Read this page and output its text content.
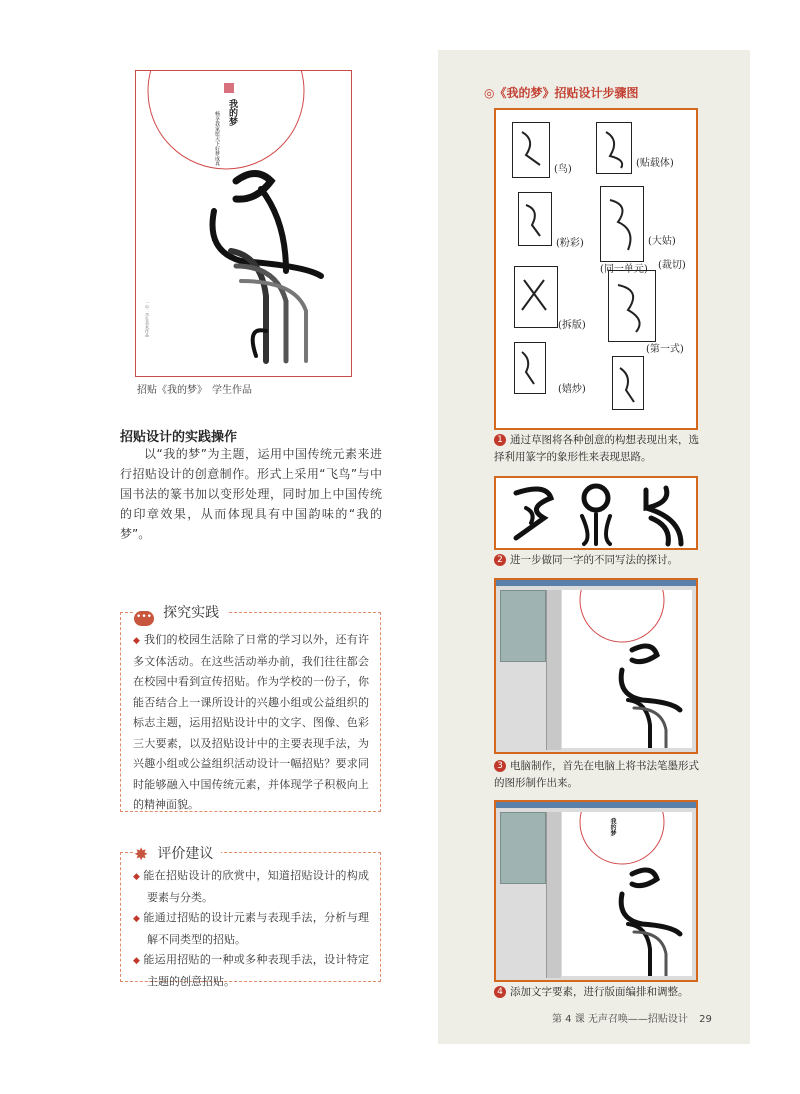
我的梦
畅享我家愿天下好梦成真
一中：学生美术作品
招贴《我的梦》　学生作品
招贴设计的实践操作
以“我的梦”为主题，运用中国传统元素来进行招贴设计的创意制作。形式上采用“飞鸟”与中国书法的篆书加以变形处理，同时加上中国传统的印章效果，从而体现具有中国韵味的“我的梦”。
••• 探究实践
◆ 我们的校园生活除了日常的学习以外，还有许多文体活动。在这些活动举办前，我们往往都会在校园中看到宣传招贴。作为学校的一份子，你能否结合上一课所设计的兴趣小组或公益组织的标志主题，运用招贴设计中的文字、图像、色彩三大要素，以及招贴设计中的主要表现手法，为兴趣小组或公益组织活动设计一幅招贴？要求同时能够融入中国传统元素，并体现学子积极向上的精神面貌。
✸ 评价建议
◆ 能在招贴设计的欣赏中，知道招贴设计的构成要素与分类。
◆ 能通过招贴的设计元素与表现手法，分析与理解不同类型的招贴。
◆ 能运用招贴的一种或多种表现手法，设计特定主题的创意招贴。
◎《我的梦》招贴设计步骤图
(鸟)
(贴载体)
(粉彩)
(同一单元)
(大姑)
(裁切)
(拆版)
(第一式)
(嬉炒)
1 通过草图将各种创意的构想表现出来，选择利用篆字的象形性来表现思路。
2 进一步做同一字的不同写法的探讨。
3 电脑制作，首先在电脑上将书法笔墨形式的图形制作出来。
我的梦
4 添加文字要素，进行版面编排和调整。
第 4 课 无声召唤——招贴设计 29
